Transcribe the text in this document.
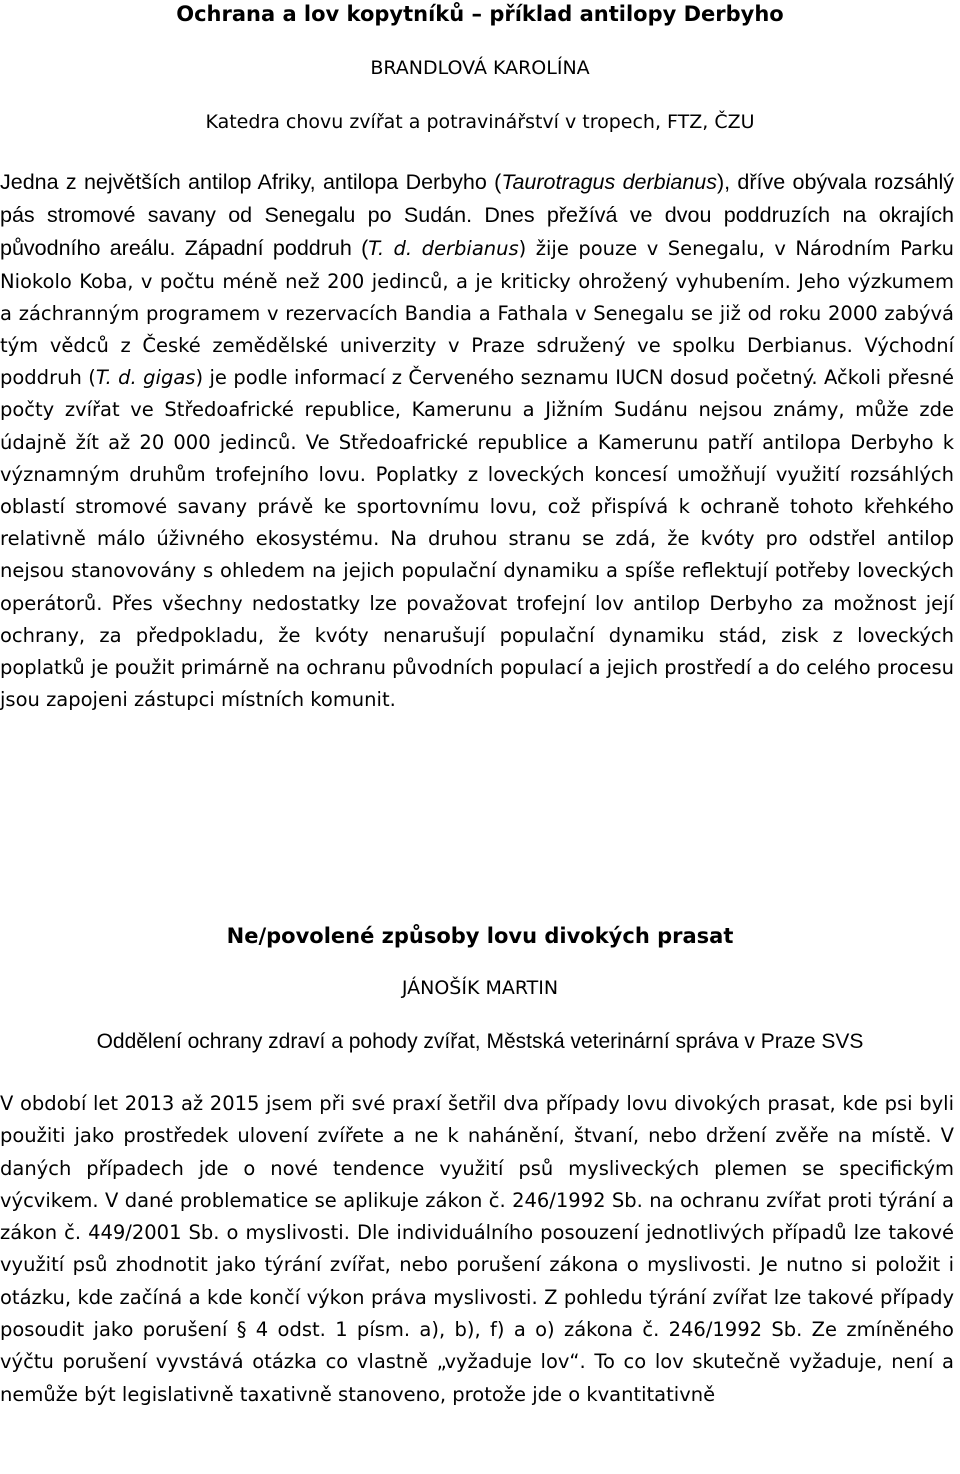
Ochrana a lov kopytníků – příklad antilopy Derbyho
BRANDLOVÁ KAROLÍNA
Katedra chovu zvířat a potravinářství v tropech, FTZ, ČZU

Jedna z největších antilop Afriky, antilopa Derbyho (Taurotragus derbianus), dříve obývala rozsáhlý pás stromové savany od Senegalu po Sudán. Dnes přežívá ve dvou poddruzích na okrajích původního areálu. Západní poddruh (T. d. derbianus) žije pouze v Senegalu, v Národním Parku Niokolo Koba, v počtu méně než 200 jedinců, a je kriticky ohrožený vyhubením. Jeho výzkumem a záchranným programem v rezervacích Bandia a Fathala v Senegalu se již od roku 2000 zabývá tým vědců z České zemědělské univerzity v Praze sdružený ve spolku Derbianus. Východní poddruh (T. d. gigas) je podle informací z Červeného seznamu IUCN dosud početný. Ačkoli přesné počty zvířat ve Středoafrické republice, Kamerunu a Jižním Sudánu nejsou známy, může zde údajně žít až 20 000 jedinců. Ve Středoafrické republice a Kamerunu patří antilopa Derbyho k významným druhům trofejního lovu. Poplatky z loveckých koncesí umožňují využití rozsáhlých oblastí stromové savany právě ke sportovnímu lovu, což přispívá k ochraně tohoto křehkého relativně málo úživného ekosystému. Na druhou stranu se zdá, že kvóty pro odstřel antilop nejsou stanovovány s ohledem na jejich populační dynamiku a spíše reflektují potřeby loveckých operátorů. Přes všechny nedostatky lze považovat trofejní lov antilop Derbyho za možnost její ochrany, za předpokladu, že kvóty nenarušují populační dynamiku stád, zisk z loveckých poplatků je použit primárně na ochranu původních populací a jejich prostředí a do celého procesu jsou zapojeni zástupci místních komunit.

Ne/povolené způsoby lovu divokých prasat
JÁNOŠÍK MARTIN
Oddělení ochrany zdraví a pohody zvířat, Městská veterinární správa v Praze SVS

V období let 2013 až 2015 jsem při své praxí šetřil dva případy lovu divokých prasat, kde psi byli použiti jako prostředek ulovení zvířete a ne k nahánění, štvaní, nebo držení zvěře na místě. V daných případech jde o nové tendence využití psů mysliveckých plemen se specifickým výcvikem. V dané problematice se aplikuje zákon č. 246/1992 Sb. na ochranu zvířat proti týrání a zákon č. 449/2001 Sb. o myslivosti. Dle individuálního posouzení jednotlivých případů lze takové využití psů zhodnotit jako týrání zvířat, nebo porušení zákona o myslivosti. Je nutno si položit i otázku, kde začíná a kde končí výkon práva myslivosti. Z pohledu týrání zvířat lze takové případy posoudit jako porušení § 4 odst. 1 písm. a), b), f) a o) zákona č. 246/1992 Sb. Ze zmíněného výčtu porušení vyvstává otázka co vlastně „vyžaduje lov“. To co lov skutečně vyžaduje, není a nemůže být legislativně taxativně stanoveno, protože jde o kvantitativně
